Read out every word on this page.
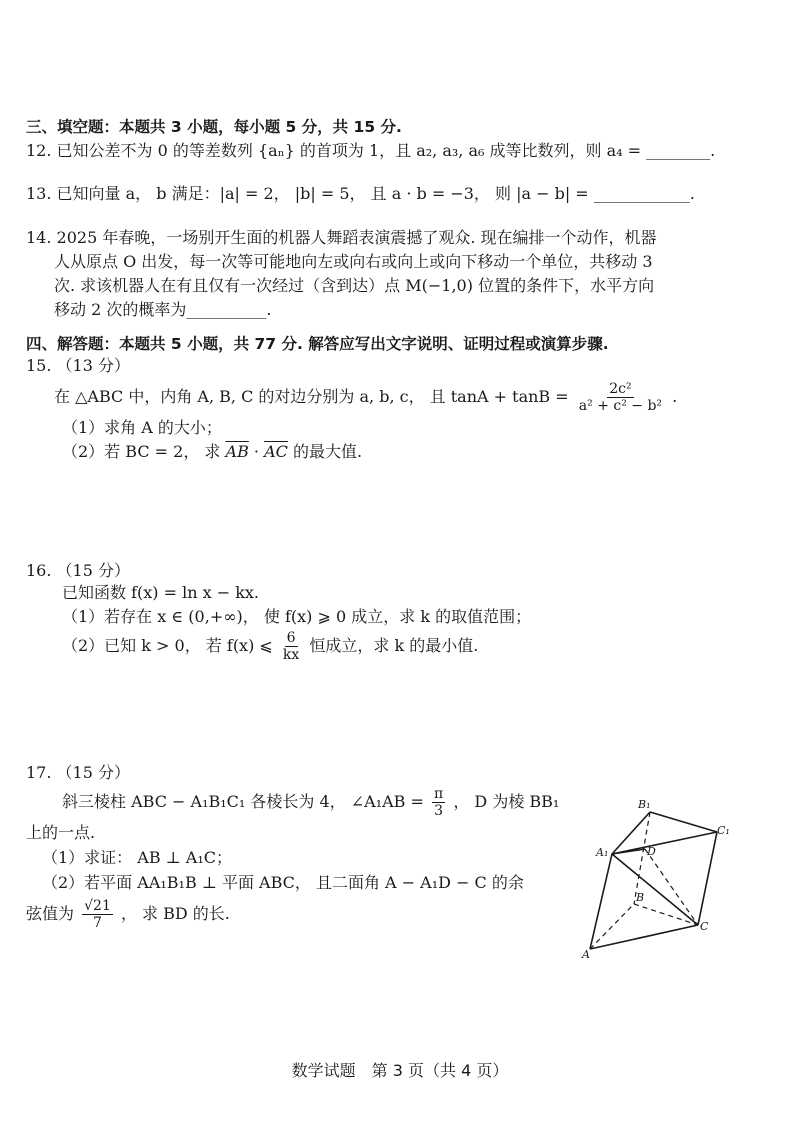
三、填空题：本题共 3 小题，每小题 5 分，共 15 分.
12. 已知公差不为 0 的等差数列 {aₙ} 的首项为 1，且 a₂, a₃, a₆ 成等比数列，则 a₄ = ________.
13. 已知向量 a， b 满足：|a| = 2， |b| = 5， 且 a · b = −3， 则 |a − b| = ____________.
14. 2025 年春晚，一场别开生面的机器人舞蹈表演震撼了观众. 现在编排一个动作，机器
人从原点 O 出发，每一次等可能地向左或向右或向上或向下移动一个单位，共移动 3
次. 求该机器人在有且仅有一次经过（含到达）点 M(−1,0) 位置的条件下，水平方向
移动 2 次的概率为__________.
四、解答题：本题共 5 小题，共 77 分. 解答应写出文字说明、证明过程或演算步骤.
15. （13 分）
在 △ABC 中，内角 A, B, C 的对边分别为 a, b, c， 且 $\tan A + \tan B = \frac{\text{2c²}}{\text{a² + c² − b²}}$ .
（1）求角 A 的大小；
（2）若 BC = 2， 求 $\overline{AB} \cdot \overline{AC}$ 的最大值.
16. （15 分）
已知函数 f(x) = ln x − kx.
（1）若存在 x ∈ (0,+∞)， 使 f(x) ⩾ 0 成立，求 k 的取值范围；
（2）已知 k > 0， 若 f(x) ⩽ $\frac{6}{kx}$ 恒成立，求 k 的最小值.
17. （15 分）
斜三棱柱 ABC − A₁B₁C₁ 各棱长为 4， ∠A₁AB = $\frac{\pi}{3}$ ， D 为棱 BB₁
上的一点.
（1）求证： AB ⊥ A₁C；
（2）若平面 AA₁B₁B ⊥ 平面 ABC， 且二面角 A − A₁D − C 的余
弦值为 $\frac{√21}{7}$ ， 求 BD 的长.
B₁
C₁
A₁	D
B
C
A
数学试题　第 3 页（共 4 页）
